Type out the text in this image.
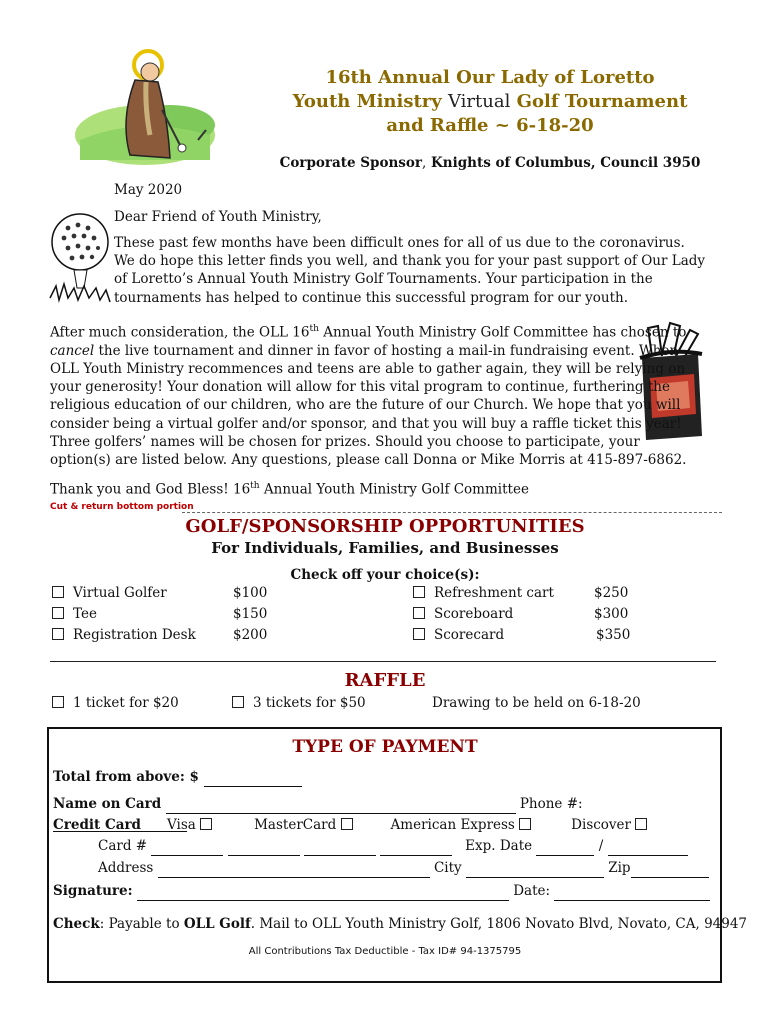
16th Annual Our Lady of Loretto
Youth Ministry Virtual Golf Tournament
and Raffle ~ 6-18-20
Corporate Sponsor, Knights of Columbus, Council 3950
May 2020
Dear Friend of Youth Ministry,
These past few months have been difficult ones for all of us due to the coronavirus. We do hope this letter finds you well, and thank you for your past support of Our Lady of Loretto’s Annual Youth Ministry Golf Tournaments. Your participation in the tournaments has helped to continue this successful program for our youth.
After much consideration, the OLL 16th Annual Youth Ministry Golf Committee has chosen to cancel the live tournament and dinner in favor of hosting a mail-in fundraising event. When OLL Youth Ministry recommences and teens are able to gather again, they will be relying on your generosity! Your donation will allow for this vital program to continue, furthering the religious education of our children, who are the future of our Church. We hope that you will consider being a virtual golfer and/or sponsor, and that you will buy a raffle ticket this year! Three golfers’ names will be chosen for prizes. Should you choose to participate, your option(s) are listed below. Any questions, please call Donna or Mike Morris at 415-897-6862.
Thank you and God Bless! 16th Annual Youth Ministry Golf Committee
Cut & return bottom portion
GOLF/SPONSORSHIP OPPORTUNITIES
For Individuals, Families, and Businesses
Check off your choice(s):
Virtual Golfer	$100
Tee	$150
Registration Desk	$200
Refreshment cart	$250
Scoreboard	$300
Scorecard	$350
RAFFLE
1 ticket for $20	3 tickets for $50	Drawing to be held on 6-18-20
TYPE OF PAYMENT
Total from above: $
Name on Card	Phone #:
Credit Card Visa	MasterCard	American Express	Discover
Card #	Exp. Date	/
Address	City	Zip
Signature:	Date:
Check: Payable to OLL Golf. Mail to OLL Youth Ministry Golf, 1806 Novato Blvd, Novato, CA, 94947
All Contributions Tax Deductible - Tax ID# 94-1375795
